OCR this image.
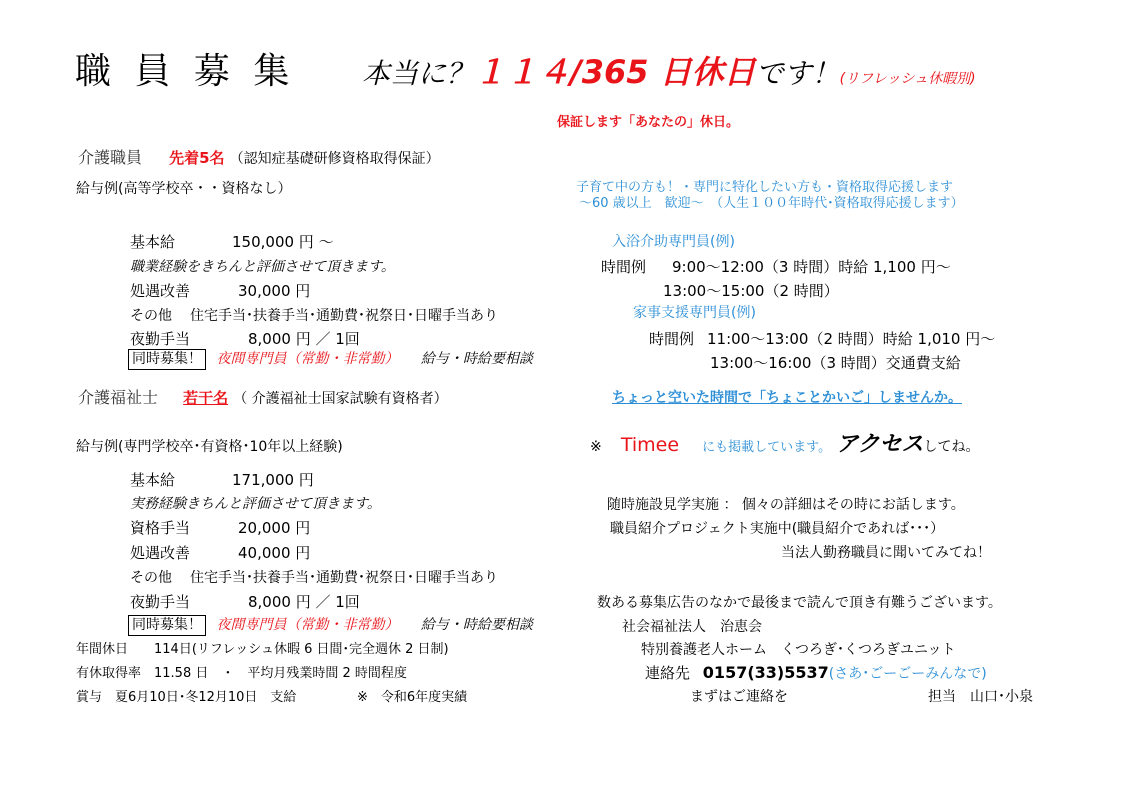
職 員 募 集 本当に？１１４/365 日休日です！(リフレッシュ休暇別)
保証します「あなたの」休日。
介護職員 先着5名 （認知症基礎研修資格取得保証）
給与例(高等学校卒・・資格なし）
基本給	150,000 円 ～
職業経験をきちんと評価させて頂きます。
処遇改善	30,000 円
その他 住宅手当･扶養手当･通勤費･祝祭日･日曜手当あり
夜勤手当	8,000 円 ／ 1回
同時募集！ 夜間専門員（常勤・非常勤） 給与・時給要相談
子育て中の方も！・専門に特化したい方も・資格取得応援します
～60 歳以上　歓迎～　（人生１００年時代･資格取得応援します）
入浴介助専門員(例)
時間例 9:00～12:00（3 時間）時給 1,100 円～
13:00～15:00（2 時間）
家事支援専門員(例)
時間例 11:00～13:00（2 時間）時給 1,010 円～
13:00～16:00（3 時間）交通費支給
介護福祉士 若干名 （ 介護福祉士国家試験有資格者）	ちょっと空いた時間で「ちょことかいご」しませんか。
給与例(専門学校卒･有資格･10年以上経験)	※ Timee にも掲載しています。 アクセスしてね。
基本給	171,000 円
実務経験きちんと評価させて頂きます。
資格手当	20,000 円
処遇改善	40,000 円
その他 住宅手当･扶養手当･通勤費･祝祭日･日曜手当あり
夜勤手当	8,000 円 ／ 1回
同時募集！ 夜間専門員（常勤・非常勤） 給与・時給要相談
随時施設見学実施 ： 個々の詳細はその時にお話します。
職員紹介プロジェクト実施中(職員紹介であれば･･･）
当法人勤務職員に聞いてみてね！
数ある募集広告のなかで最後まで読んで頂き有難うございます。
年間休日　　114日(リフレッシュ休暇 6 日間･完全週休 2 日制)
有休取得率　11.58 日　・　平均月残業時間 2 時間程度
賞与　夏6月10日･冬12月10日　支給	※　令和6年度実績
社会福祉法人　治恵会
特別養護老人ホーム　くつろぎ･くつろぎユニット
連絡先 0157(33)5537(さあ･ごーごーみんなで)
まずはご連絡を	担当　山口･小泉
